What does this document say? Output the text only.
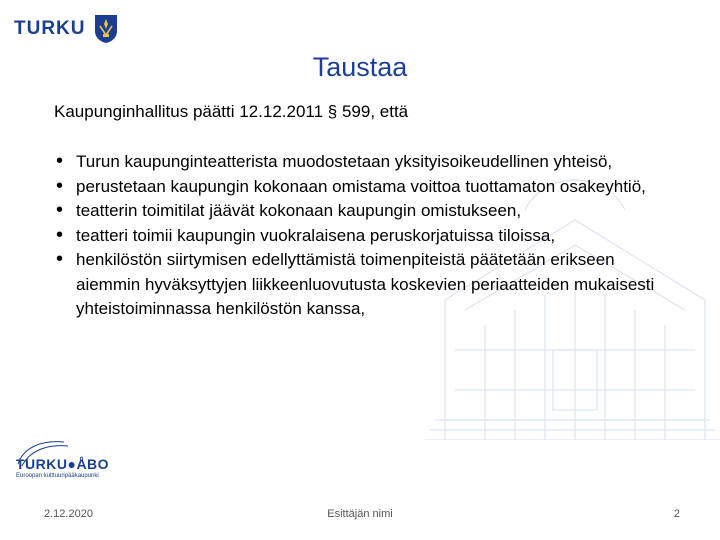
TURKU
Taustaa
Kaupunginhallitus päätti 12.12.2011 § 599, että
• Turun kaupunginteatterista muodostetaan yksityisoikeudellinen yhteisö,
• perustetaan kaupungin kokonaan omistama voittoa tuottamaton osakeyhtiö,
• teatterin toimitilat jäävät kokonaan kaupungin omistukseen,
• teatteri toimii kaupungin vuokralaisena peruskorjatuissa tiloissa,
• henkilöstön siirtymisen edellyttämistä toimenpiteistä päätetään erikseen aiemmin hyväksyttyjen liikkeenluovutusta koskevien periaatteiden mukaisesti yhteistoiminnassa henkilöstön kanssa,
TURKU●ÅBO
Euroopan kulttuuripääkaupunki
2.12.2020	Esittäjän nimi	2
